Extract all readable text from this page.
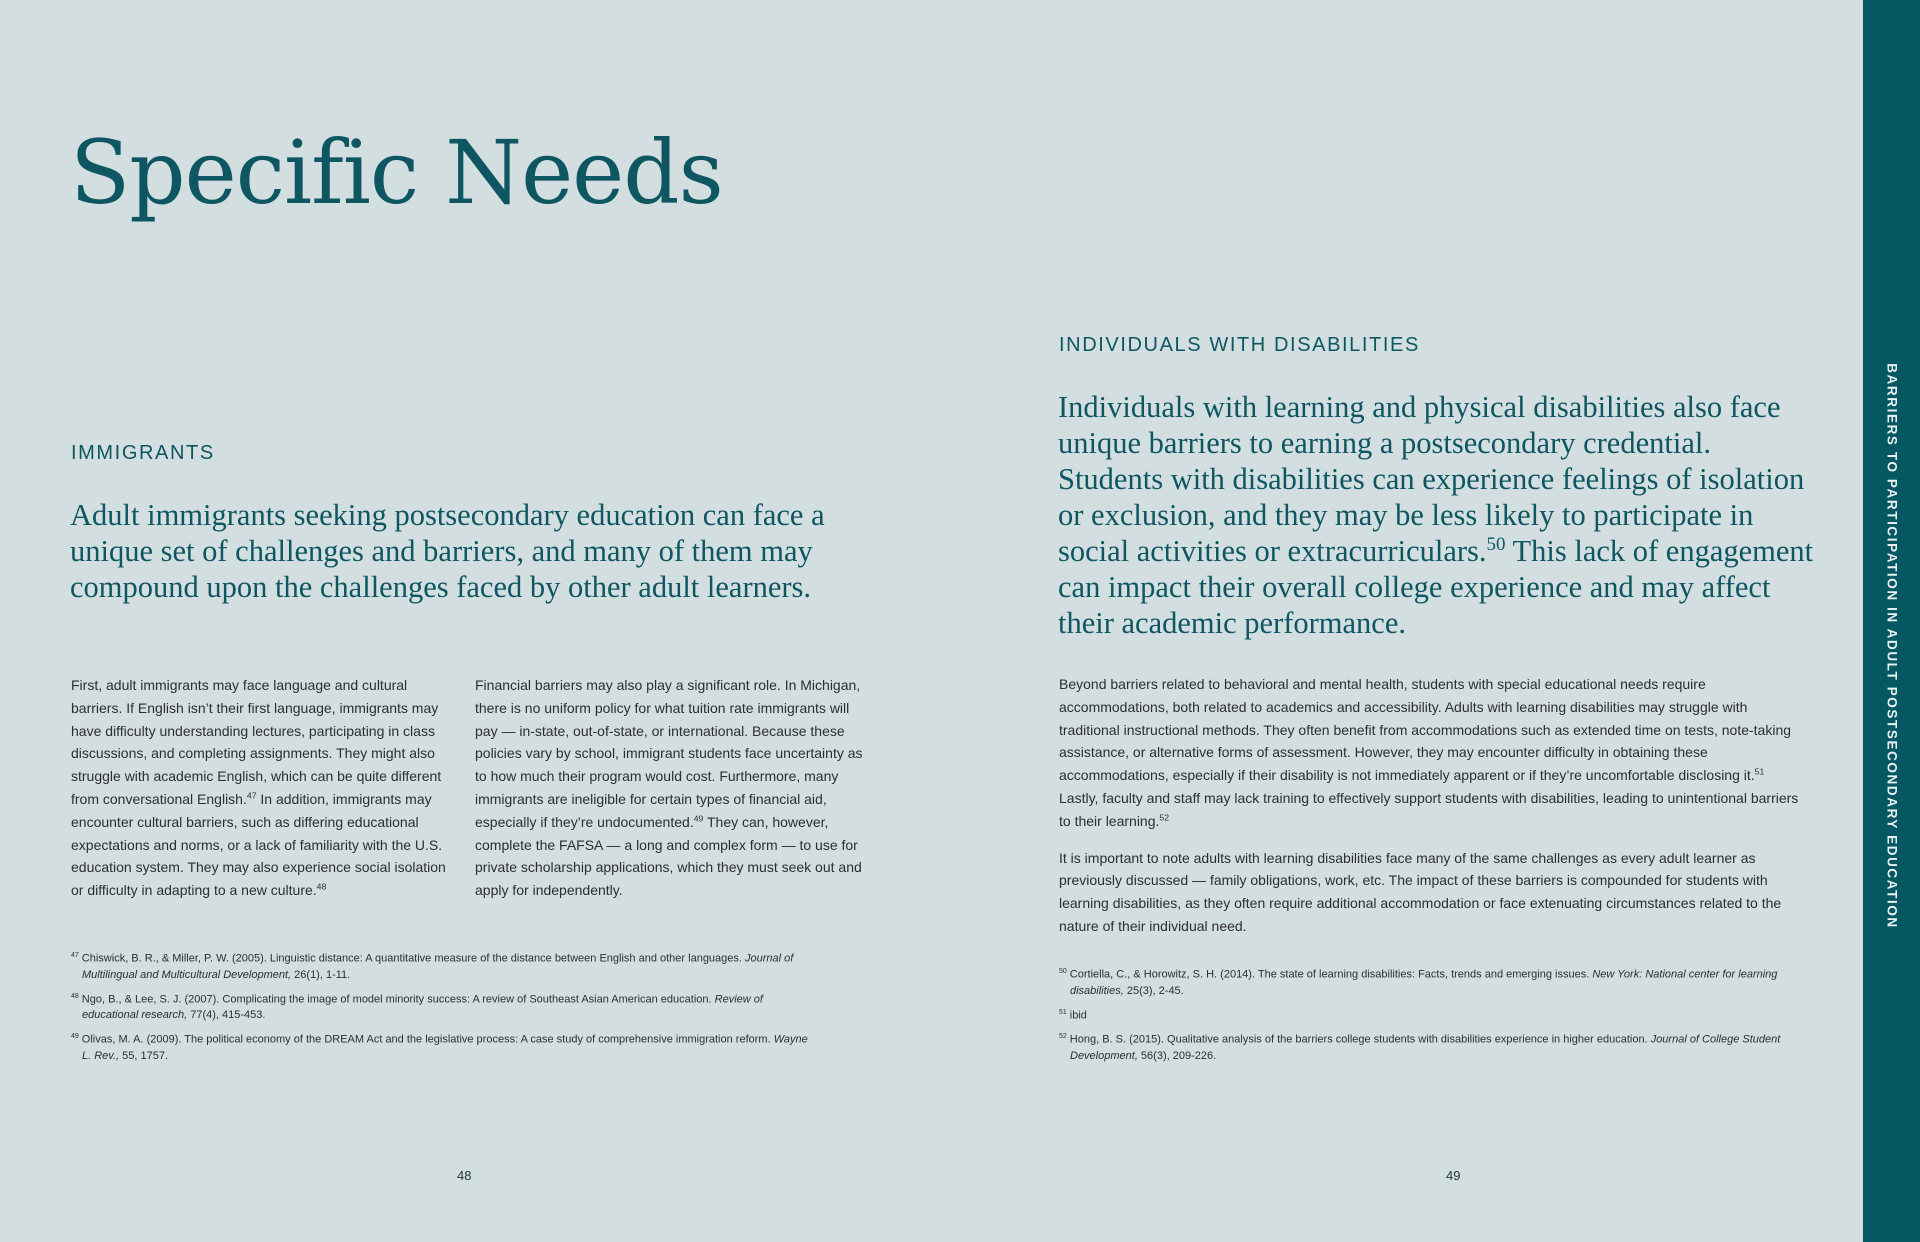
Specific Needs
IMMIGRANTS

Adult immigrants seeking postsecondary education can face a unique set of challenges and barriers, and many of them may compound upon the challenges faced by other adult learners.

First, adult immigrants may face language and cultural barriers. If English isn’t their first language, immigrants may have difficulty understanding lectures, participating in class discussions, and completing assignments. They might also struggle with academic English, which can be quite different from conversational English.$^{47}$ In addition, immigrants may encounter cultural barriers, such as differing educational expectations and norms, or a lack of familiarity with the U.S. education system. They may also experience social isolation or difficulty in adapting to a new culture.$^{48}$

Financial barriers may also play a significant role. In Michigan, there is no uniform policy for what tuition rate immigrants will pay — in-state, out-of-state, or international. Because these policies vary by school, immigrant students face uncertainty as to how much their program would cost. Furthermore, many immigrants are ineligible for certain types of financial aid, especially if they’re undocumented.$^{49}$ They can, however, complete the FAFSA — a long and complex form — to use for private scholarship applications, which they must seek out and apply for independently.

$^{47}$ Chiswick, B. R., & Miller, P. W. (2005). Linguistic distance: A quantitative measure of the distance between English and other languages. Journal of Multilingual and Multicultural Development, 26(1), 1-11.
$^{48}$ Ngo, B., & Lee, S. J. (2007). Complicating the image of model minority success: A review of Southeast Asian American education. Review of educational research, 77(4), 415-453.
$^{49}$ Olivas, M. A. (2009). The political economy of the DREAM Act and the legislative process: A case study of comprehensive immigration reform. Wayne L. Rev., 55, 1757.
48
INDIVIDUALS WITH DISABILITIES

Individuals with learning and physical disabilities also face unique barriers to earning a postsecondary credential. Students with disabilities can experience feelings of isolation or exclusion, and they may be less likely to participate in social activities or extracurriculars.$^{50}$ This lack of engagement can impact their overall college experience and may affect their academic performance.

Beyond barriers related to behavioral and mental health, students with special educational needs require accommodations, both related to academics and accessibility. Adults with learning disabilities may struggle with traditional instructional methods. They often benefit from accommodations such as extended time on tests, note-taking assistance, or alternative forms of assessment. However, they may encounter difficulty in obtaining these accommodations, especially if their disability is not immediately apparent or if they’re uncomfortable disclosing it.$^{51}$ Lastly, faculty and staff may lack training to effectively support students with disabilities, leading to unintentional barriers to their learning.$^{52}$

It is important to note adults with learning disabilities face many of the same challenges as every adult learner as previously discussed — family obligations, work, etc. The impact of these barriers is compounded for students with learning disabilities, as they often require additional accommodation or face extenuating circumstances related to the nature of their individual need.

$^{50}$ Cortiella, C., & Horowitz, S. H. (2014). The state of learning disabilities: Facts, trends and emerging issues. New York: National center for learning disabilities, 25(3), 2-45.
$^{51}$ ibid
$^{52}$ Hong, B. S. (2015). Qualitative analysis of the barriers college students with disabilities experience in higher education. Journal of College Student Development, 56(3), 209-226.
49
BARRIERS TO PARTICIPATION IN ADULT POSTSECONDARY EDUCATION
